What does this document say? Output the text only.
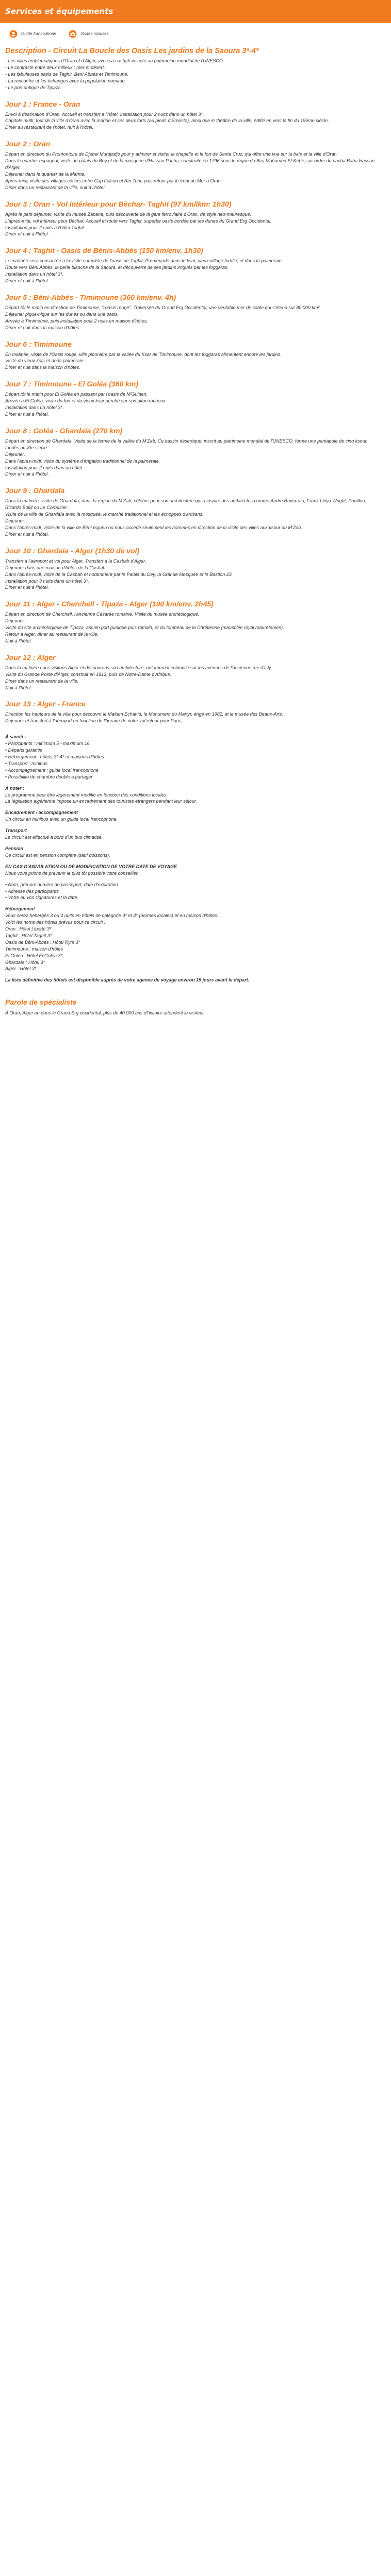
Services et équipements
Guide francophone	Visites incluses
Description - Circuit La Boucle des Oasis Les jardins de la Saoura 3*-4*
- Les villes emblématiques d'Oran et d'Alger, avec sa casbah inscrite au patrimoine mondial de l'UNESCO.
- Le contraste entre deux milieux : mer et désert.
- Les fabuleuses oasis de Taghit, Beni Abbès et Timimoune.
- La rencontre et les échanges avec la population nomade.
- Le port antique de Tipaza.
Jour 1 : France - Oran

Envol à destination d'Oran. Accueil et transfert à l'hôtel. Installation pour 2 nuits dans un hôtel 3*.

Capitale multi, tout de la ville d'Oran avec la marine et ses deux forts (au pieds d'Ernesto), ainsi que le théâtre de la ville, édifié en vers la fin du 19ème siècle.

Dîner au restaurant de l'hôtel, nuit à l'hôtel.

Jour 2 : Oran

Départ en direction du Promontoire de Djebel Murdjadjo pour y admirer et visiter la chapelle et le fort de Santa Cruz, qui offre une vue sur la baie et la ville d'Oran.

Dans le quartier espagnol, visite du palais du Bey et de la mosquée d'Hassan Pacha, construite en 1796 sous le règne du Bey Mohamed El-Kébir, sur ordre du pacha Baba Hassan d'Alger.

Déjeuner dans le quartier de la Marine.

Après-midi, visite des villages côtiers entre Cap Falcon et Aïn Turk, puis retour par le front de Mer à Oran.

Dîner dans un restaurant de la ville, nuit à l'hôtel.

Jour 3 : Oran - Vol intérieur pour Béchar- Taghit (97 km/lkm: 1h30)

Après le petit déjeuner, visite du musée Zabana, puis découverte de la gare ferroviaire d'Oran, de style néo-mauresque.

L'après-midi, vol intérieur pour Béchar. Accueil et route vers Taghit, superbe oasis bordée par les dunes du Grand Erg Occidental.

Installation pour 2 nuits à l'hôtel Taghit.

Dîner et nuit à l'hôtel.

Jour 4 : Taghit - Oasis de Bénis-Abbès (150 km/env. 1h30)

Le matinée sera consacrée à la visite complète de l'oasis de Taghit. Promenade dans le ksar, vieux village fortifié, et dans la palmeraie.

Route vers Béni Abbès, la perle blanche de la Saoura, et découverte de ses jardins irrigués par les foggaras.

Installation dans un hôtel 3*.

Dîner et nuit à l'hôtel.

Jour 5 : Béni-Abbès - Timimoune (360 km/env. 4h)

Départ tôt le matin en direction de Timimoune, "l'oasis rouge". Traversée du Grand Erg Occidental, une véritable mer de sable qui s'étend sur 80 000 km².

Déjeuner pique-nique sur les dunes ou dans une oasis.

Arrivée à Timimoune, puis installation pour 2 nuits en maison d'hôtes.

Dîner et nuit dans la maison d'hôtes.

Jour 6 : Timimoune

En matinée, visite de l'Oasis rouge, ville pionnière par la vallée du Ksar de Timimoune, dont les foggaras alimentent encore les jardins.

Visite du vieux ksar et de la palmeraie.

Dîner et nuit dans la maison d'hôtes.

Jour 7 : Timimoune - El Goléa (360 km)

Départ tôt le matin pour El Goléa en passant par l'oasis de M'Guiden.

Arrivée à El Goléa, visite du fort et du vieux ksar perché sur son piton rocheux.

Installation dans un hôtel 3*.

Dîner et nuit à l'hôtel.

Jour 8 : Goléa - Ghardaïa (270 km)

Départ en direction de Ghardaïa. Visite de la ferme de la vallée du M'Zab. Ce bassin désertique, inscrit au patrimoine mondial de l'UNESCO, forme une pentapole de cinq ksour, fondés au XIe siècle.

Déjeuner.

Dans l'après-midi, visite du système d'irrigation traditionnel de la palmeraie.

Installation pour 2 nuits dans un hôtel.

Dîner et nuit à l'hôtel.

Jour 9 : Ghardaïa

Dans la matinée, visite de Ghardaïa, dans la région du M'Zab, célèbre pour son architecture qui a inspiré des architectes comme André Ravereau, Frank Lloyd Wright, Pouillon, Ricardo Bofill ou Le Corbusier.

Visite de la ville de Ghardaïa avec la mosquée, le marché traditionnel et les échoppes d'artisans.

Déjeuner.

Dans l'après-midi, visite de la ville de Béni Isguen où nous accède seulement les hommes en direction de la visite des villes aux ksour du M'Zab.

Dîner et nuit à l'hôtel.

Jour 10 : Ghardaïa - Alger (1h30 de vol)

Transfert à l'aéroport et vol pour Alger. Transfert à la Casbah d'Alger.

Déjeuner dans une maison d'hôtes de la Casbah.

Dans l'après-midi, visite de la Casbah et notamment par le Palais du Dey, la Grande Mosquée et le Bastion 23.

Installation pour 3 nuits dans un hôtel 3*.

Dîner et nuit à l'hôtel.

Jour 11 : Alger - Cherchell - Tipaza - Alger (190 km/env. 2h45)

Départ en direction de Cherchell, l'ancienne Césarée romaine. Visite du musée archéologique.

Déjeuner.

Visite du site archéologique de Tipaza, ancien port punique puis romain, et du tombeau de la Chrétienne (mausolée royal maurétanien).

Retour à Alger, dîner au restaurant de la ville.

Nuit à l'hôtel.

Jour 12 : Alger

Dans la matinée nous visitons Alger et découvrons son architecture, notamment coloniale sur les avenues de l'ancienne rue d'Isly.

Visite du Grande Poste d'Alger, construit en 1913, puis de Notre-Dame d'Afrique.

Dîner dans un restaurant de la ville.

Nuit à l'hôtel.

Jour 13 : Alger - France

Direction les hauteurs de la ville pour découvrir le Makam Echahid, le Monument du Martyr, érigé en 1982, et le musée des Beaux-Arts.

Déjeuner et transfert à l'aéroport en fonction de l'horaire de votre vol retour pour Paris.

À savoir :

• Participants : minimum 5 - maximum 16

• Départs garantis

• Hébergement : hôtels 3*-4* et maisons d'hôtes

• Transport : minibus

• Accompagnement : guide local francophone

• Possibilité de chambre double à partager

À noter :

Le programme peut être légèrement modifié en fonction des conditions locales.

La législation algérienne impose un encadrement des touristes étrangers pendant leur séjour.

Encadrement / accompagnement

Un circuit en minibus avec un guide local francophone.

Transport

Le circuit est effectué à bord d'un bus climatisé.

Pension

Ce circuit est en pension complète (sauf boissons).

EN CAS D'ANNULATION OU DE MODIFICATION DE VOTRE DATE DE VOYAGE

Nous vous prions de prévenir le plus tôt possible votre conseiller.

• Nom, prénom numéro de passeport, date d'expiration

• Adresse des participants

• Votre ou vos signatures et la date.

Hébergement

Vous serez hébergés 3 ou 4 nuits en hôtels de catégorie 3* et 4* (normes locales) et en maison d'hôtes.

Voici les noms des hôtels prévus pour ce circuit :

Oran : Hôtel Liberté 3*

Taghit : Hôtel Taghit 3*

Oasis de Béni-Abbès : Hôtel Rym 3*

Timimoune : maison d'hôtes

El Goléa : Hôtel El Goléa 3*

Ghardaïa : Hôtel 3*

Alger : Hôtel 3*

La liste définitive des hôtels est disponible auprès de votre agence de voyage environ 15 jours avant le départ.

Parole de spécialiste

À Oran, Alger ou dans le Grand Erg occidental, plus de 40 000 ans d'histoire attendent le visiteur.
